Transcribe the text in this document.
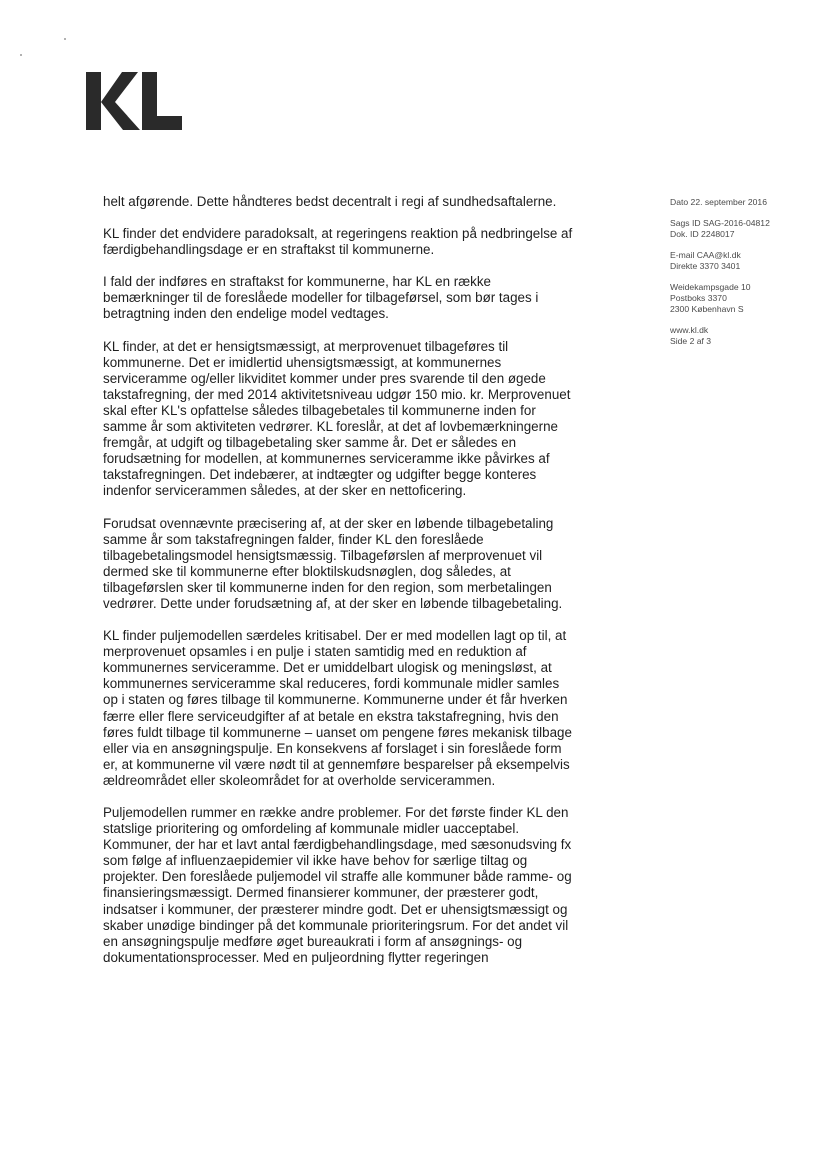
helt afgørende. Dette håndteres bedst decentralt i regi af sundhedsaftalerne.

KL finder det endvidere paradoksalt, at regeringens reaktion på nedbringelse af færdigbehandlingsdage er en straftakst til kommunerne.

I fald der indføres en straftakst for kommunerne, har KL en række bemærkninger til de foreslåede modeller for tilbageførsel, som bør tages i betragtning inden den endelige model vedtages.

KL finder, at det er hensigtsmæssigt, at merprovenuet tilbageføres til kommunerne. Det er imidlertid uhensigtsmæssigt, at kommunernes serviceramme og/eller likviditet kommer under pres svarende til den øgede takstafregning, der med 2014 aktivitetsniveau udgør 150 mio. kr. Merprovenuet skal efter KL's opfattelse således tilbagebetales til kommunerne inden for samme år som aktiviteten vedrører. KL foreslår, at det af lovbemærkningerne fremgår, at udgift og tilbagebetaling sker samme år. Det er således en forudsætning for modellen, at kommunernes serviceramme ikke påvirkes af takstafregningen. Det indebærer, at indtægter og udgifter begge konteres indenfor servicerammen således, at der sker en nettoficering.

Forudsat ovennævnte præcisering af, at der sker en løbende tilbagebetaling samme år som takstafregningen falder, finder KL den foreslåede tilbagebetalingsmodel hensigtsmæssig. Tilbageførslen af merprovenuet vil dermed ske til kommunerne efter bloktilskudsnøglen, dog således, at tilbageførslen sker til kommunerne inden for den region, som merbetalingen vedrører. Dette under forudsætning af, at der sker en løbende tilbagebetaling.

KL finder puljemodellen særdeles kritisabel. Der er med modellen lagt op til, at merprovenuet opsamles i en pulje i staten samtidig med en reduktion af kommunernes serviceramme. Det er umiddelbart ulogisk og meningsløst, at kommunernes serviceramme skal reduceres, fordi kommunale midler samles op i staten og føres tilbage til kommunerne. Kommunerne under ét får hverken færre eller flere serviceudgifter af at betale en ekstra takstafregning, hvis den føres fuldt tilbage til kommunerne – uanset om pengene føres mekanisk tilbage eller via en ansøgningspulje. En konsekvens af forslaget i sin foreslåede form er, at kommunerne vil være nødt til at gennemføre besparelser på eksempelvis ældreområdet eller skoleområdet for at overholde servicerammen.

Puljemodellen rummer en række andre problemer. For det første finder KL den statslige prioritering og omfordeling af kommunale midler uacceptabel. Kommuner, der har et lavt antal færdigbehandlingsdage, med sæsonudsving fx som følge af influenzaepidemier vil ikke have behov for særlige tiltag og projekter. Den foreslåede puljemodel vil straffe alle kommuner både ramme- og finansieringsmæssigt. Dermed finansierer kommuner, der præsterer godt, indsatser i kommuner, der præsterer mindre godt. Det er uhensigtsmæssigt og skaber unødige bindinger på det kommunale prioriteringsrum. For det andet vil en ansøgningspulje medføre øget bureaukrati i form af ansøgnings- og dokumentationsprocesser. Med en puljeordning flytter regeringen

Dato 22. september 2016
Sags ID SAG-2016-04812
Dok. ID 2248017
E-mail CAA@kl.dk
Direkte 3370 3401
Weidekampsgade 10
Postboks 3370
2300 København S
www.kl.dk
Side 2 af 3
